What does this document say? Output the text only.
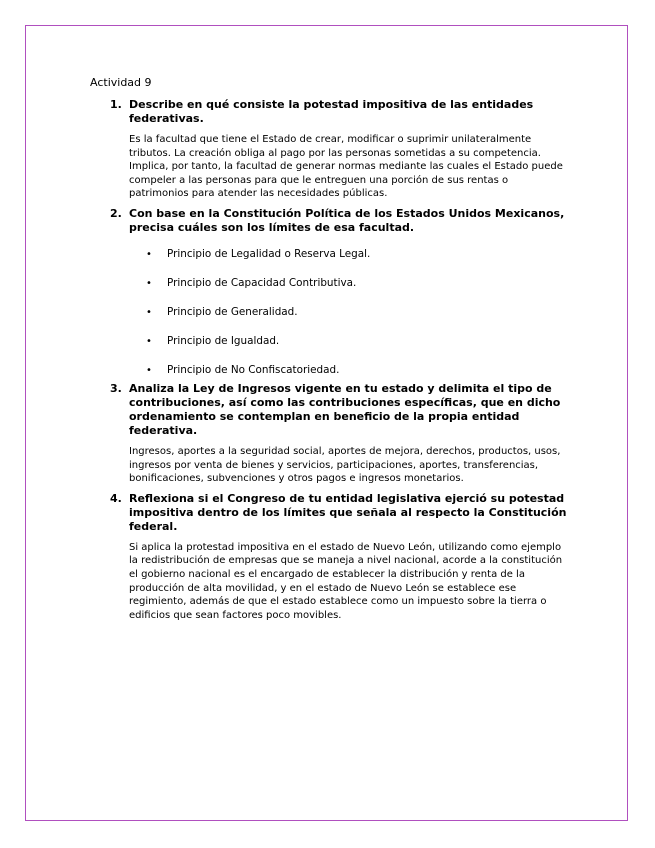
Actividad 9

1. Describe en qué consiste la potestad impositiva de las entidades federativas.

Es la facultad que tiene el Estado de crear, modificar o suprimir unilateralmente tributos. La creación obliga al pago por las personas sometidas a su competencia. Implica, por tanto, la facultad de generar normas mediante las cuales el Estado puede compeler a las personas para que le entreguen una porción de sus rentas o patrimonios para atender las necesidades públicas.

2. Con base en la Constitución Política de los Estados Unidos Mexicanos, precisa cuáles son los límites de esa facultad.

• Principio de Legalidad o Reserva Legal.
• Principio de Capacidad Contributiva.
• Principio de Generalidad.
• Principio de Igualdad.
• Principio de No Confiscatoriedad.
3. Analiza la Ley de Ingresos vigente en tu estado y delimita el tipo de contribuciones, así como las contribuciones específicas, que en dicho ordenamiento se contemplan en beneficio de la propia entidad federativa.

Ingresos, aportes a la seguridad social, aportes de mejora, derechos, productos, usos, ingresos por venta de bienes y servicios, participaciones, aportes, transferencias, bonificaciones, subvenciones y otros pagos e ingresos monetarios.

4. Reflexiona si el Congreso de tu entidad legislativa ejerció su potestad impositiva dentro de los límites que señala al respecto la Constitución federal.

Si aplica la protestad impositiva en el estado de Nuevo León, utilizando como ejemplo la redistribución de empresas que se maneja a nivel nacional, acorde a la constitución el gobierno nacional es el encargado de establecer la distribución y renta de la producción de alta movilidad, y en el estado de Nuevo León se establece ese regimiento, además de que el estado establece como un impuesto sobre la tierra o edificios que sean factores poco movibles.
